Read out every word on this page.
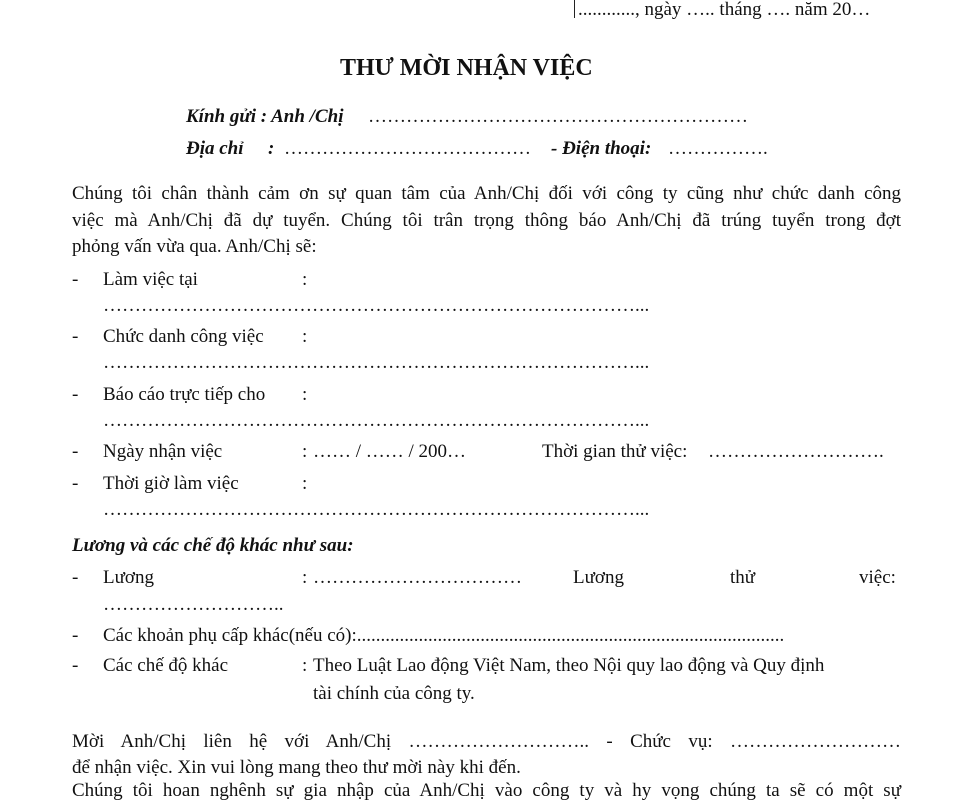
............, ngày ….. tháng …. năm 20…
THƯ MỜI NHẬN VIỆC
Kính gửi : Anh /Chị ……………………………………………………
Địa chỉ : ………………………………… - Điện thoại: …………….
Chúng tôi chân thành cảm ơn sự quan tâm của Anh/Chị đối với công ty cũng như chức danh công
việc mà Anh/Chị đã dự tuyển. Chúng tôi trân trọng thông báo Anh/Chị đã trúng tuyển trong đợt
phỏng vấn vừa qua. Anh/Chị sẽ:
- Làm việc tại	:
…………………………………………………………………………...
- Chức danh công việc :
…………………………………………………………………………...
- Báo cáo trực tiếp cho :
…………………………………………………………………………...
- Ngày nhận việc	: …… / …… / 200…	Thời gian thử việc: ……………………….
- Thời giờ làm việc	:
…………………………………………………………………………...
Lương và các chế độ khác như sau:
- Lương	: ……………………………	Lương	thử	việc:
………………………..
- Các khoản phụ cấp khác(nếu có):..........................................................................................
- Các chế độ khác	: Theo Luật Lao động Việt Nam, theo Nội quy lao động và Quy định
tài chính của công ty.
Mời Anh/Chị liên hệ với Anh/Chị ……………………….. - Chức vụ: ………………………
để nhận việc. Xin vui lòng mang theo thư mời này khi đến.
Chúng tôi hoan nghênh sự gia nhập của Anh/Chị vào công ty và hy vọng chúng ta sẽ có một sự
